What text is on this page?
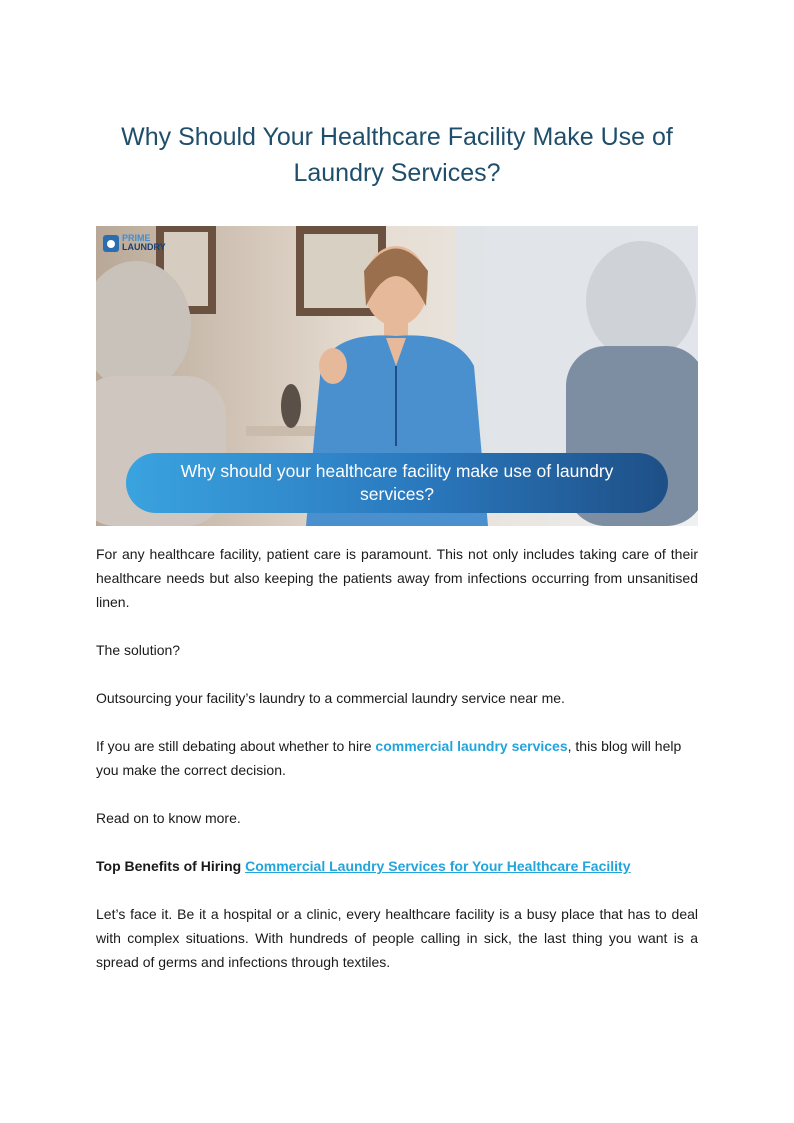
Why Should Your Healthcare Facility Make Use of Laundry Services?
PRIME
LAUNDRY
Why should your healthcare facility make use of laundry services?

For any healthcare facility, patient care is paramount. This not only includes taking care of their healthcare needs but also keeping the patients away from infections occurring from unsanitised linen.

The solution?

Outsourcing your facility’s laundry to a commercial laundry service near me.

If you are still debating about whether to hire commercial laundry services, this blog will help you make the correct decision.

Read on to know more.

Top Benefits of Hiring Commercial Laundry Services for Your Healthcare Facility

Let’s face it. Be it a hospital or a clinic, every healthcare facility is a busy place that has to deal with complex situations. With hundreds of people calling in sick, the last thing you want is a spread of germs and infections through textiles.
